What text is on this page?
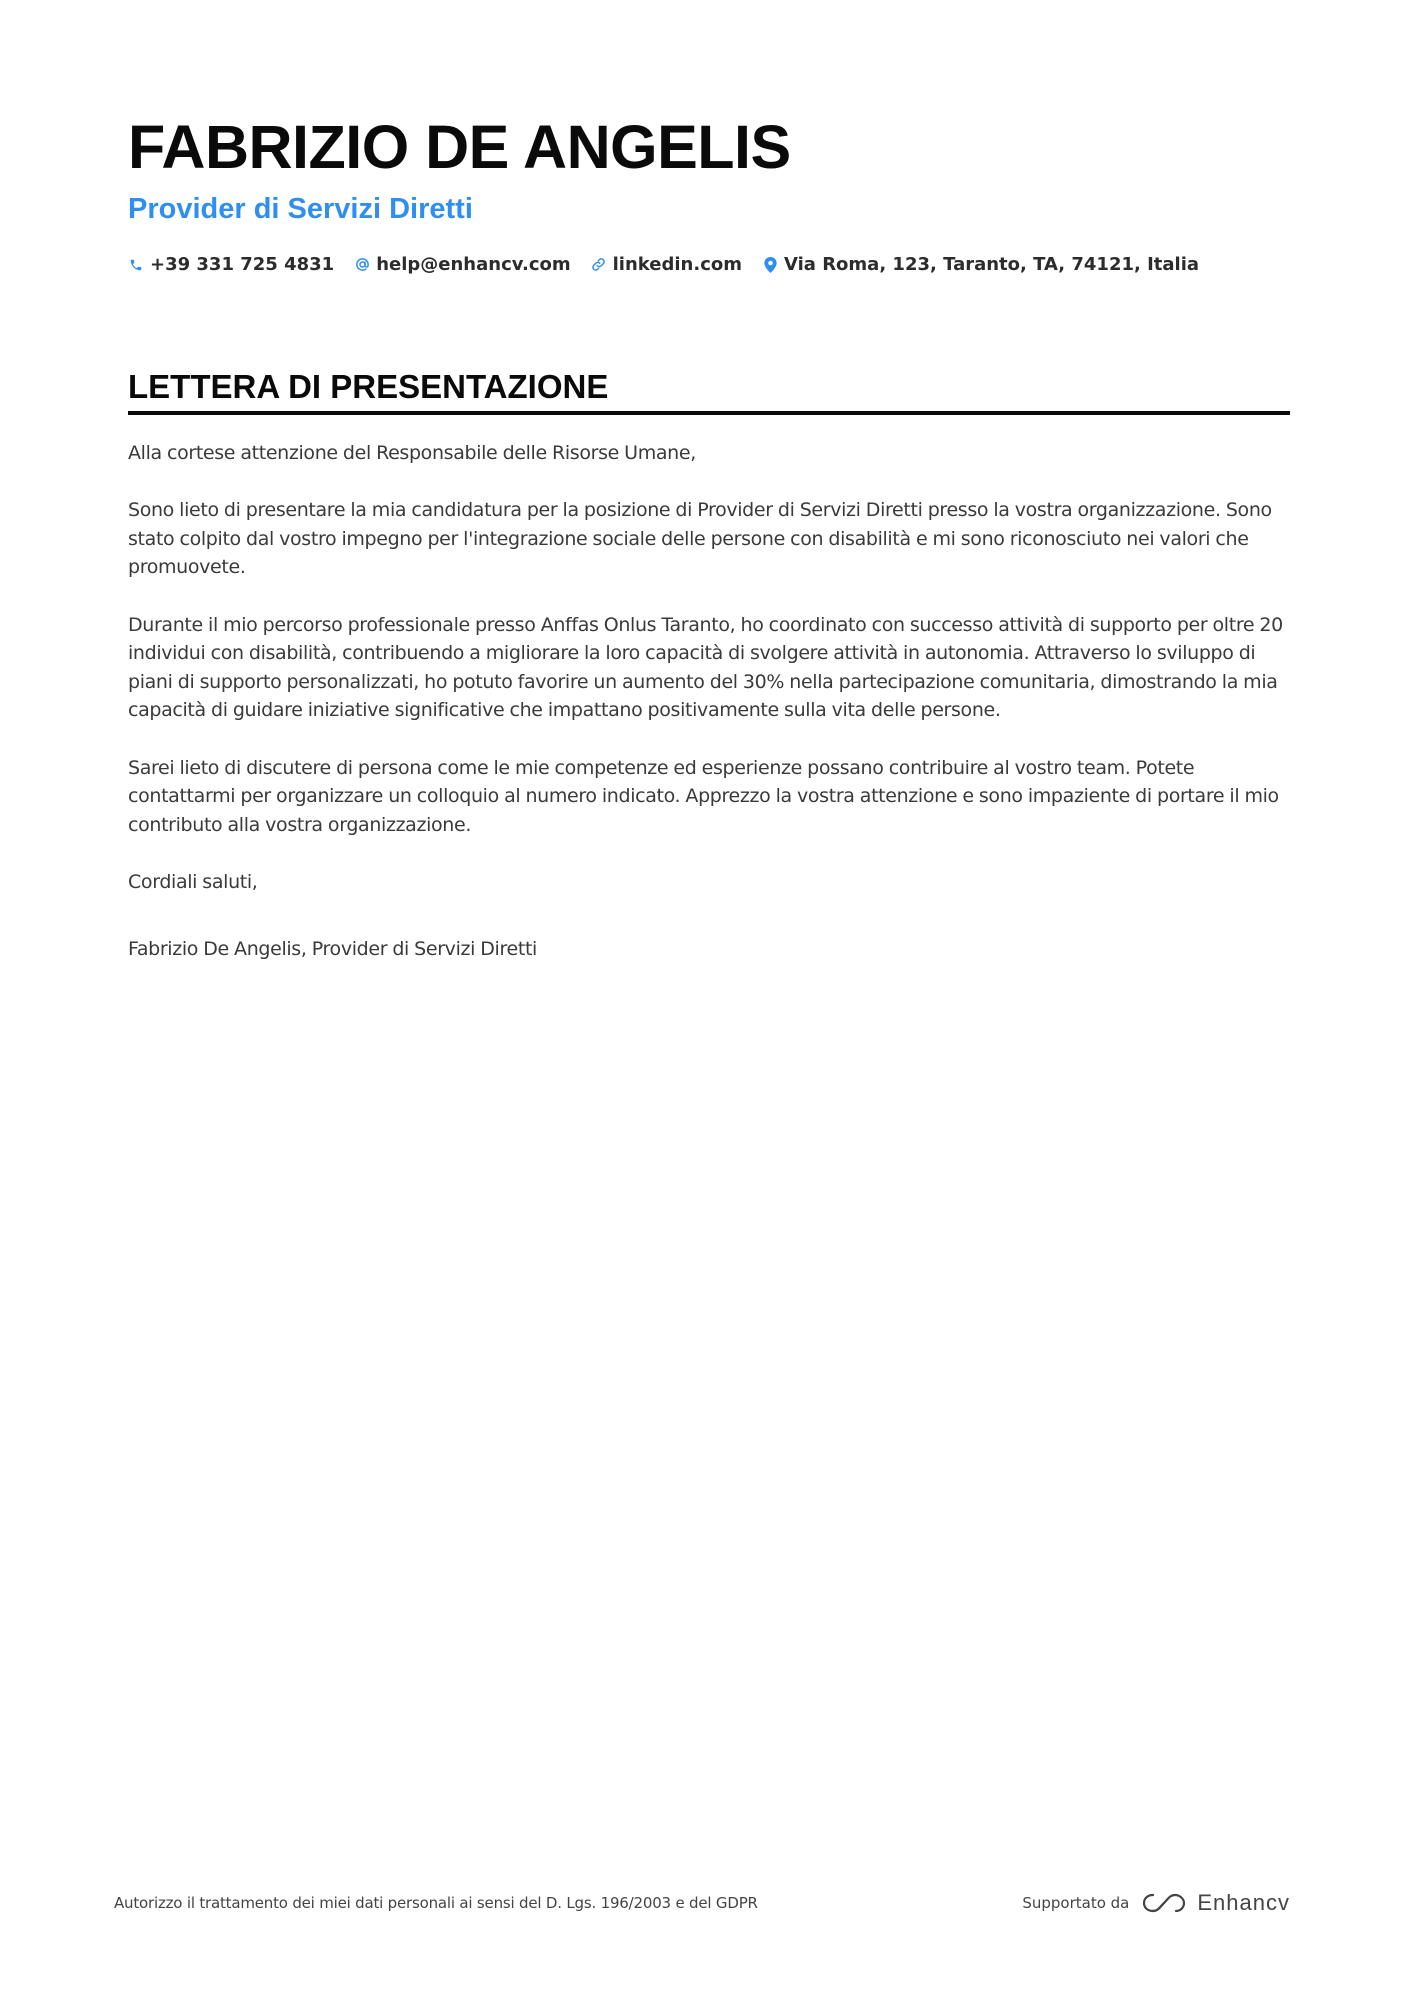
FABRIZIO DE ANGELIS
Provider di Servizi Diretti
+39 331 725 4831 help@enhancv.com linkedin.com Via Roma, 123, Taranto, TA, 74121, Italia
LETTERA DI PRESENTAZIONE

Alla cortese attenzione del Responsabile delle Risorse Umane,

Sono lieto di presentare la mia candidatura per la posizione di Provider di Servizi Diretti presso la vostra organizzazione. Sono stato colpito dal vostro impegno per l'integrazione sociale delle persone con disabilità e mi sono riconosciuto nei valori che promuovete.

Durante il mio percorso professionale presso Anffas Onlus Taranto, ho coordinato con successo attività di supporto per oltre 20 individui con disabilità, contribuendo a migliorare la loro capacità di svolgere attività in autonomia. Attraverso lo sviluppo di piani di supporto personalizzati, ho potuto favorire un aumento del 30% nella partecipazione comunitaria, dimostrando la mia capacità di guidare iniziative significative che impattano positivamente sulla vita delle persone.

Sarei lieto di discutere di persona come le mie competenze ed esperienze possano contribuire al vostro team. Potete contattarmi per organizzare un colloquio al numero indicato. Apprezzo la vostra attenzione e sono impaziente di portare il mio contributo alla vostra organizzazione.

Cordiali saluti,

Fabrizio De Angelis, Provider di Servizi Diretti

Autorizzo il trattamento dei miei dati personali ai sensi del D. Lgs. 196/2003 e del GDPR	Supportato da	Enhancv
